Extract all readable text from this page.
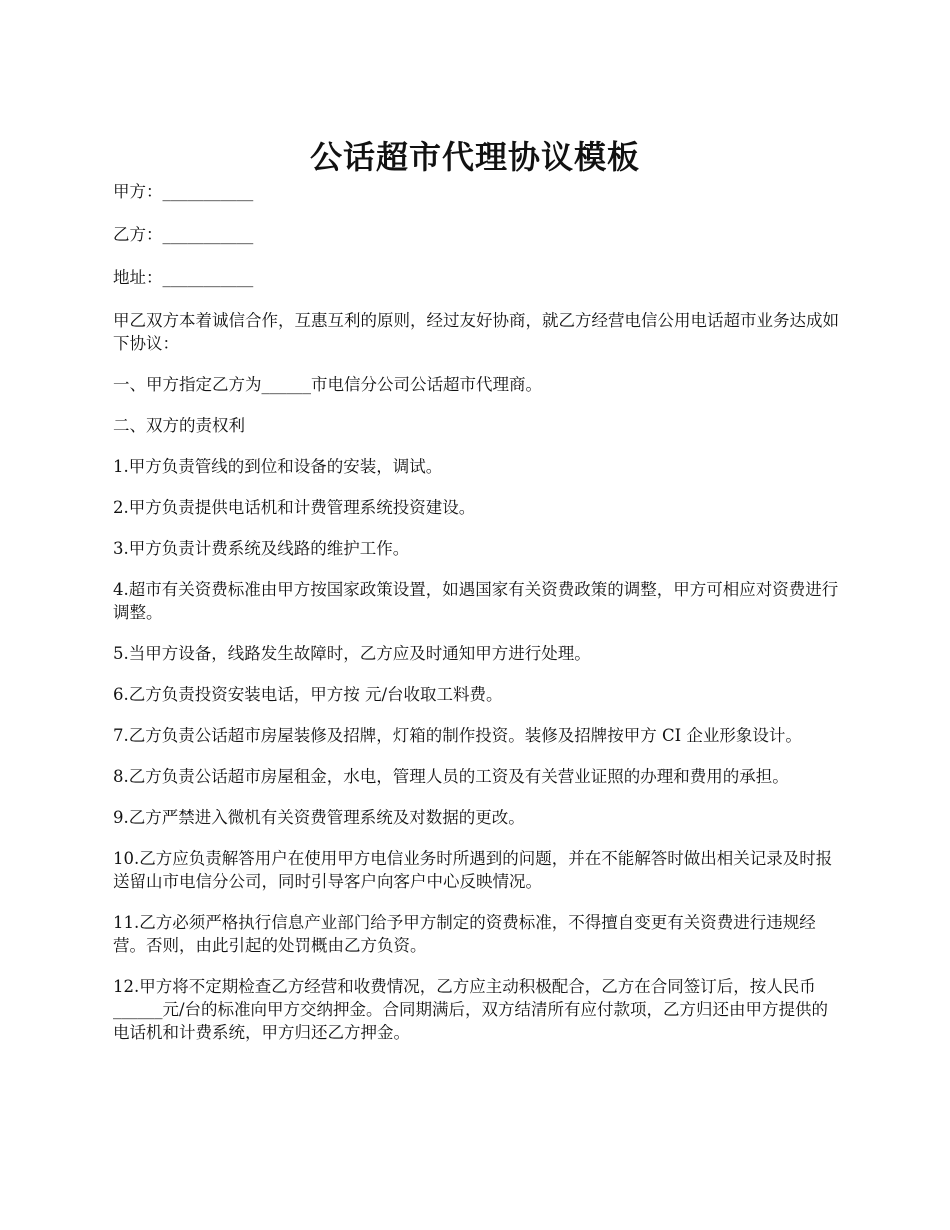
公话超市代理协议模板

甲方：___________

乙方：___________

地址：___________

甲乙双方本着诚信合作，互惠互利的原则，经过友好协商，就乙方经营电信公用电话超市业务达成如下协议：

一、甲方指定乙方为______市电信分公司公话超市代理商。

二、双方的责权利

1.甲方负责管线的到位和设备的安装，调试。

2.甲方负责提供电话机和计费管理系统投资建设。

3.甲方负责计费系统及线路的维护工作。

4.超市有关资费标准由甲方按国家政策设置，如遇国家有关资费政策的调整，甲方可相应对资费进行调整。

5.当甲方设备，线路发生故障时，乙方应及时通知甲方进行处理。

6.乙方负责投资安装电话，甲方按 元/台收取工料费。

7.乙方负责公话超市房屋装修及招牌，灯箱的制作投资。装修及招牌按甲方 CI 企业形象设计。

8.乙方负责公话超市房屋租金，水电，管理人员的工资及有关营业证照的办理和费用的承担。

9.乙方严禁进入微机有关资费管理系统及对数据的更改。

10.乙方应负责解答用户在使用甲方电信业务时所遇到的问题，并在不能解答时做出相关记录及时报送留山市电信分公司，同时引导客户向客户中心反映情况。

11.乙方必须严格执行信息产业部门给予甲方制定的资费标准，不得擅自变更有关资费进行违规经营。否则，由此引起的处罚概由乙方负资。

12.甲方将不定期检查乙方经营和收费情况，乙方应主动积极配合，乙方在合同签订后，按人民币______元/台的标准向甲方交纳押金。合同期满后，双方结清所有应付款项，乙方归还由甲方提供的电话机和计费系统，甲方归还乙方押金。
